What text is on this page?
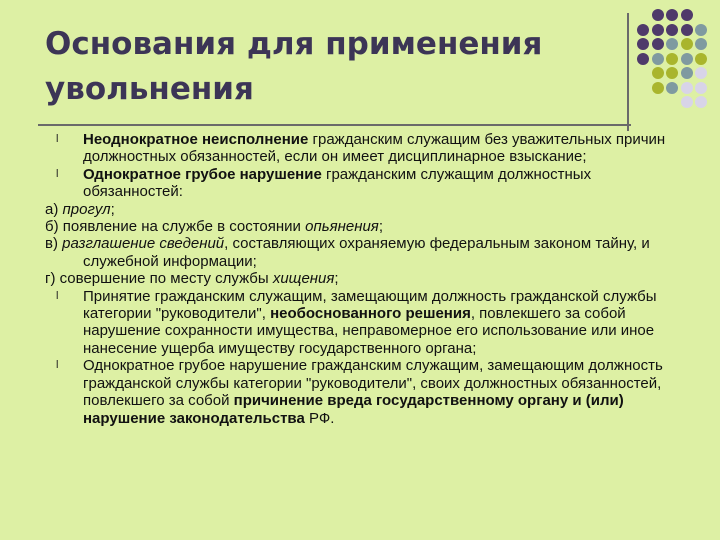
Основания для применения
увольнения
l Неоднократное неисполнение гражданским служащим без уважительных причин должностных обязанностей, если он имеет дисциплинарное взыскание;
l Однократное грубое нарушение гражданским служащим должностных обязанностей:
а) прогул;
б) появление на службе в состоянии опьянения;
в) разглашение сведений, составляющих охраняемую федеральным законом тайну, и служебной информации;
г) совершение по месту службы хищения;
l Принятие гражданским служащим, замещающим должность гражданской службы категории "руководители", необоснованного решения, повлекшего за собой нарушение сохранности имущества, неправомерное его использование или иное нанесение ущерба имуществу государственного органа;
l Однократное грубое нарушение гражданским служащим, замещающим должность гражданской службы категории "руководители", своих должностных обязанностей, повлекшего за собой причинение вреда государственному органу и (или) нарушение законодательства РФ.
